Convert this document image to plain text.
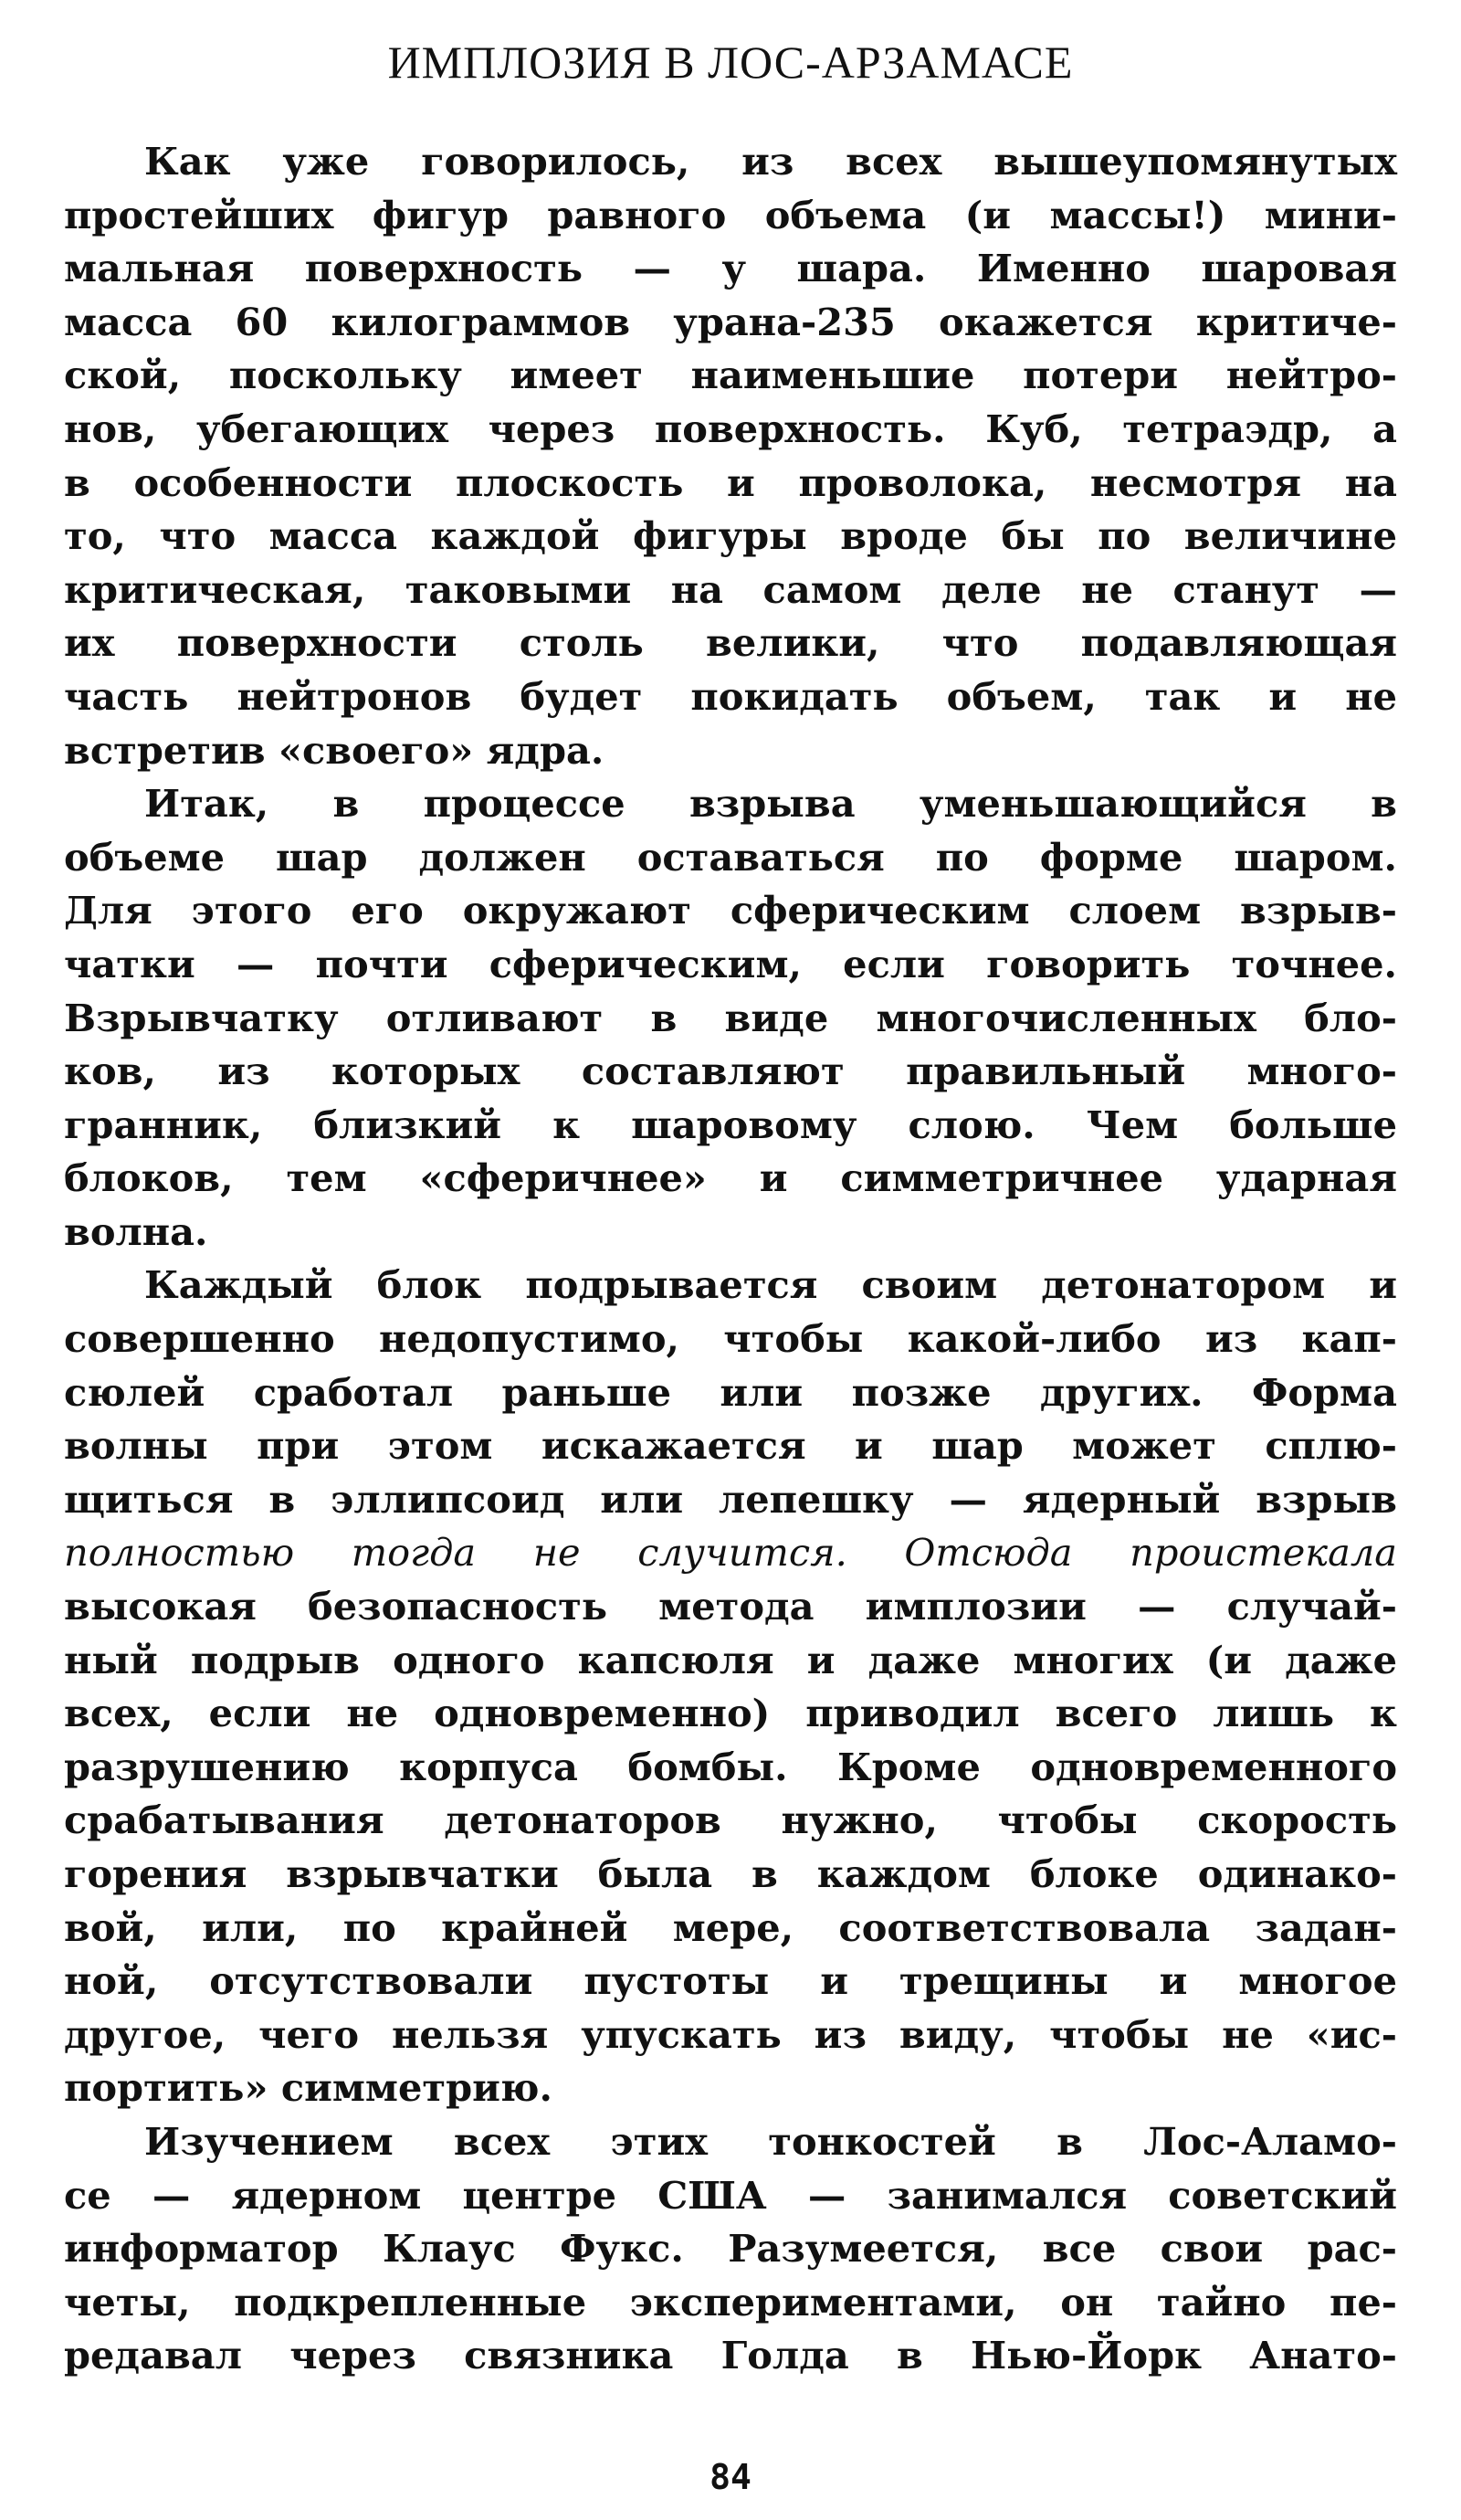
ИМПЛОЗИЯ В ЛОС-АРЗАМАСЕ
Как уже говорилось, из всех вышеупомянутых
простейших фигур равного объема (и массы!) мини-
мальная поверхность — у шара. Именно шаровая
масса 60 килограммов урана-235 окажется критиче-
ской, поскольку имеет наименьшие потери нейтро-
нов, убегающих через поверхность. Куб, тетраэдр, а
в особенности плоскость и проволока, несмотря на
то, что масса каждой фигуры вроде бы по величине
критическая, таковыми на самом деле не станут —
их поверхности столь велики, что подавляющая
часть нейтронов будет покидать объем, так и не
встретив «своего» ядра.
Итак, в процессе взрыва уменьшающийся в
объеме шар должен оставаться по форме шаром.
Для этого его окружают сферическим слоем взрыв-
чатки — почти сферическим, если говорить точнее.
Взрывчатку отливают в виде многочисленных бло-
ков, из которых составляют правильный много-
гранник, близкий к шаровому слою. Чем больше
блоков, тем «сферичнее» и симметричнее ударная
волна.
Каждый блок подрывается своим детонатором и
совершенно недопустимо, чтобы какой-либо из кап-
сюлей сработал раньше или позже других. Форма
волны при этом искажается и шар может сплю-
щиться в эллипсоид или лепешку — ядерный взрыв
полностью тогда не случится. Отсюда проистекала
высокая безопасность метода имплозии — случай-
ный подрыв одного капсюля и даже многих (и даже
всех, если не одновременно) приводил всего лишь к
разрушению корпуса бомбы. Кроме одновременного
срабатывания детонаторов нужно, чтобы скорость
горения взрывчатки была в каждом блоке одинако-
вой, или, по крайней мере, соответствовала задан-
ной, отсутствовали пустоты и трещины и многое
другое, чего нельзя упускать из виду, чтобы не «ис-
портить» симметрию.
Изучением всех этих тонкостей в Лос-Аламо-
се — ядерном центре США — занимался советский
информатор Клаус Фукс. Разумеется, все свои рас-
четы, подкрепленные экспериментами, он тайно пе-
редавал через связника Голда в Нью-Йорк Анато-
84
